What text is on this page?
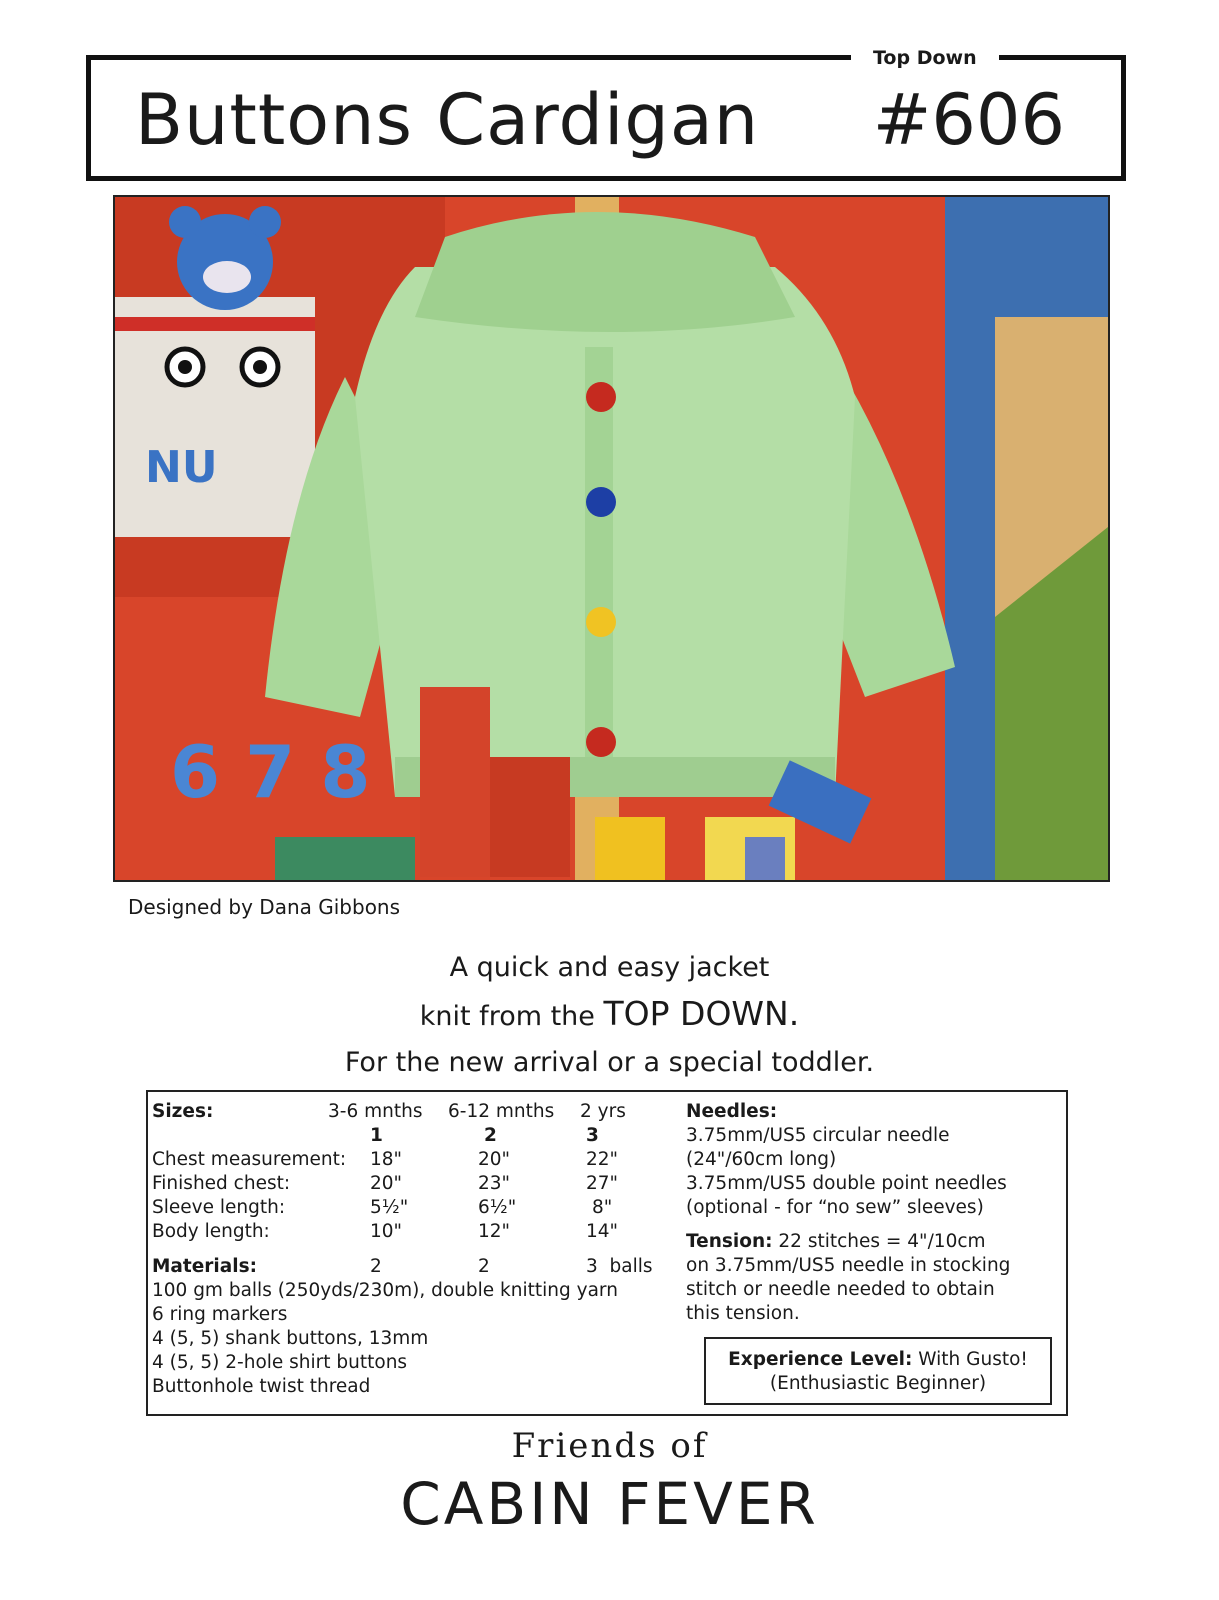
Top Down
Buttons Cardigan #606
NU
6 7 8
Designed by Dana Gibbons
A quick and easy jacket
knit from the TOP DOWN.
For the new arrival or a special toddler.
Sizes:	3-6 mnths 6-12 mnths 2 yrs
1	2	3
Chest measurement: 18"	20"	22"
Finished chest:	20"	23"	27"
Sleeve length:	5½"	6½"	8"
Body length:	10"	12"	14"
Materials:	2	2	3  balls
100 gm balls (250yds/230m), double knitting yarn
6 ring markers
4 (5, 5) shank buttons, 13mm
4 (5, 5) 2-hole shirt buttons
Buttonhole twist thread
Needles:
3.75mm/US5 circular needle
(24"/60cm long)
3.75mm/US5 double point needles
(optional - for “no sew” sleeves)
Tension: 22 stitches = 4"/10cm
on 3.75mm/US5 needle in stocking
stitch or needle needed to obtain
this tension.
Experience Level: With Gusto!
(Enthusiastic Beginner)
Friends of
CABIN FEVER
